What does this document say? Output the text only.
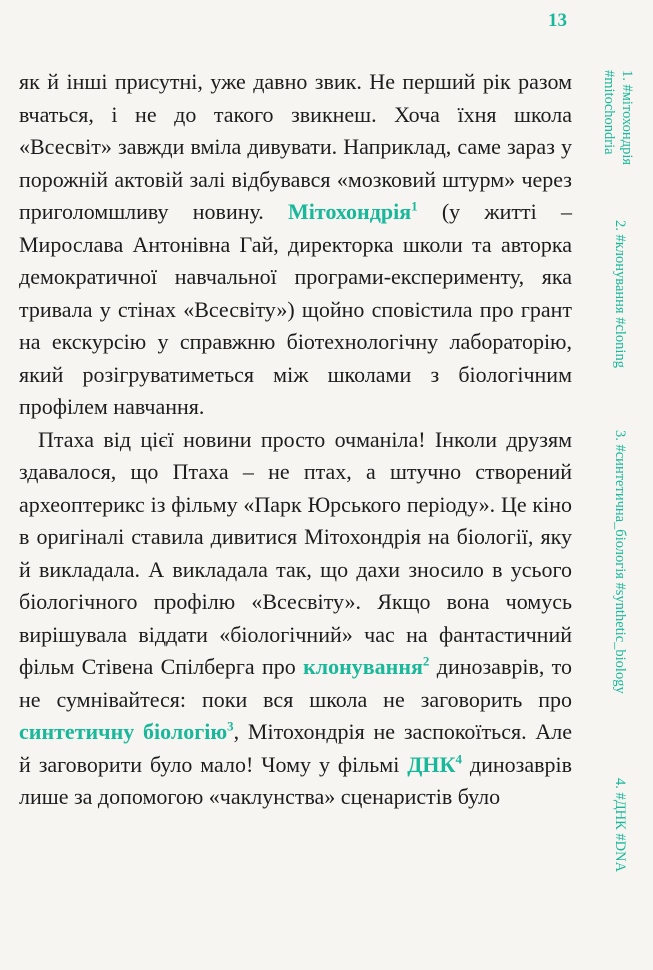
13

як й інші присутні, уже давно звик. Не перший рік разом вчаться, і не до такого звикнеш. Хоча їхня школа «Всесвіт» завжди вміла дивувати. Наприклад, саме зараз у порожній актовій залі відбувався «мозковий штурм» через приголомшливу новину. Мітохондрія$^1$ (у житті – Мирослава Антонівна Гай, директорка школи та авторка демократичної навчальної програми-експерименту, яка тривала у стінах «Всесвіту») щойно сповістила про грант на екскурсію у справжню біотехнологічну лабораторію, який розігруватиметься між школами з біологічним профілем навчання.

Птаха від цієї новини просто очманіла! Інколи друзям здавалося, що Птаха – не птах, а штучно створений археоптерикс із фільму «Парк Юрського періоду». Це кіно в оригіналі ставила дивитися Мітохондрія на біології, яку й викладала. А викладала так, що дахи зносило в усього біологічного профілю «Всесвіту». Якщо вона чомусь вирішувала віддати «біологічний» час на фантастичний фільм Стівена Спілберга про клонування$^2$ динозаврів, то не сумнівайтеся: поки вся школа не заговорить про синтетичну біологію$^3$, Мітохондрія не заспокоїться. Але й заговорити було мало! Чому у фільмі ДНК$^4$ динозаврів лише за допомогою «чаклунства» сценаристів було

1. #мітохондрія
#mitochondria
2. #клонування #cloning
3. #синтетична_біологія #synthetic_biology
4. #ДНК #DNA
